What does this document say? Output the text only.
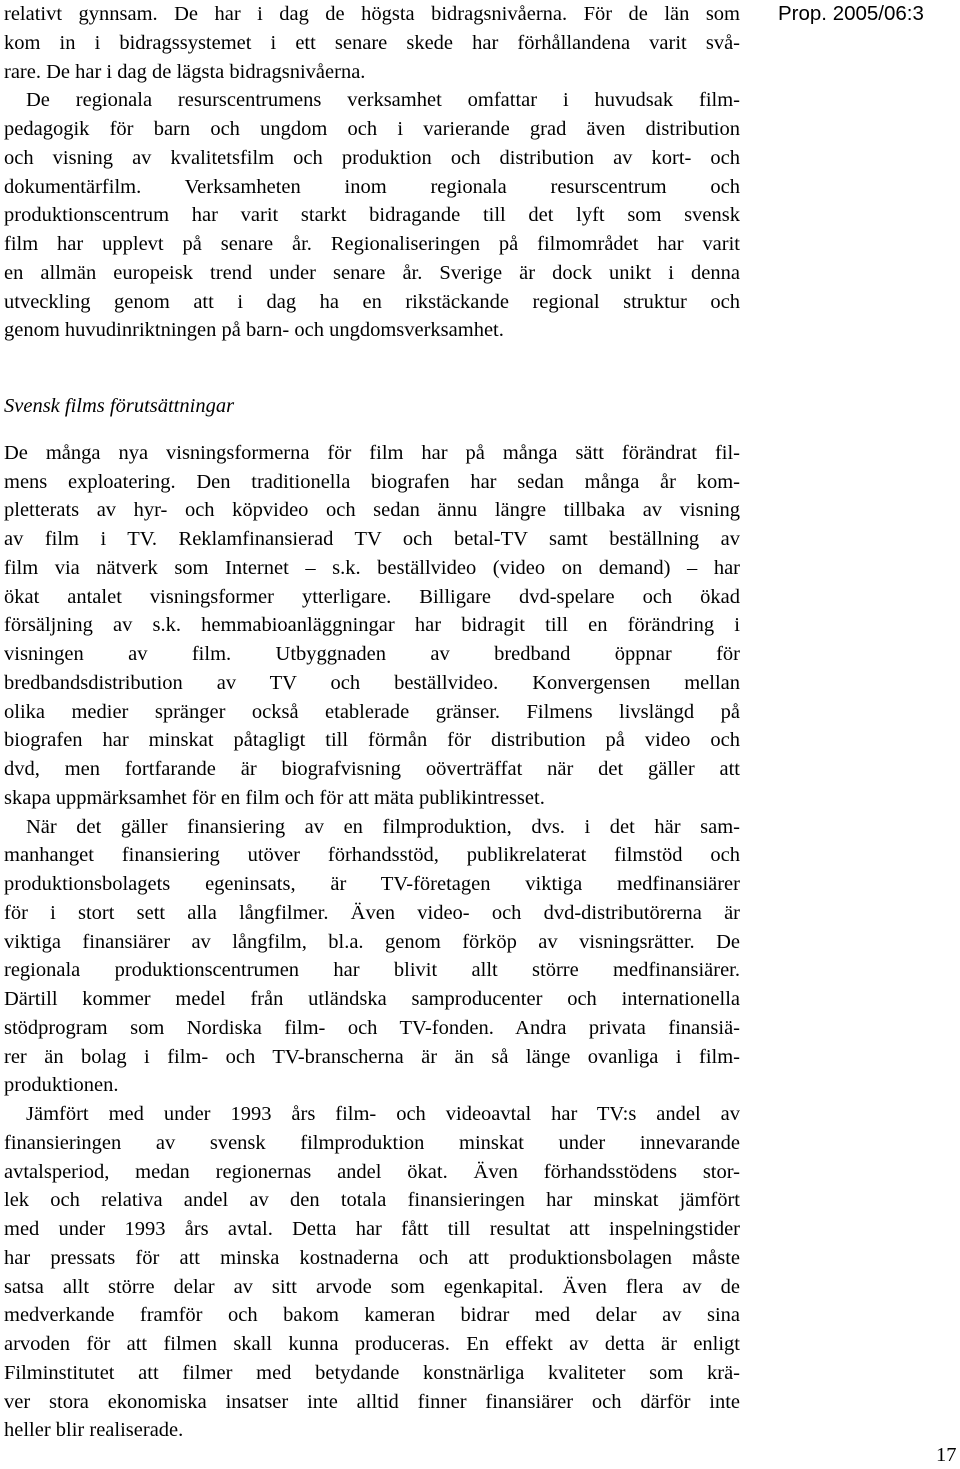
Prop. 2005/06:3
relativt gynnsam. De har i dag de högsta bidragsnivåerna. För de län som
kom in i bidragssystemet i ett senare skede har förhållandena varit svå-
rare. De har i dag de lägsta bidragsnivåerna.
De regionala resurscentrumens verksamhet omfattar i huvudsak film-
pedagogik för barn och ungdom och i varierande grad även distribution
och visning av kvalitetsfilm och produktion och distribution av kort- och
dokumentärfilm. Verksamheten inom regionala resurscentrum och
produktionscentrum har varit starkt bidragande till det lyft som svensk
film har upplevt på senare år. Regionaliseringen på filmområdet har varit
en allmän europeisk trend under senare år. Sverige är dock unikt i denna
utveckling genom att i dag ha en rikstäckande regional struktur och
genom huvudinriktningen på barn- och ungdomsverksamhet.
Svensk films förutsättningar
De många nya visningsformerna för film har på många sätt förändrat fil-
mens exploatering. Den traditionella biografen har sedan många år kom-
pletterats av hyr- och köpvideo och sedan ännu längre tillbaka av visning
av film i TV. Reklamfinansierad TV och betal-TV samt beställning av
film via nätverk som Internet – s.k. beställvideo (video on demand) – har
ökat antalet visningsformer ytterligare. Billigare dvd-spelare och ökad
försäljning av s.k. hemmabioanläggningar har bidragit till en förändring i
visningen av film. Utbyggnaden av bredband öppnar för
bredbandsdistribution av TV och beställvideo. Konvergensen mellan
olika medier spränger också etablerade gränser. Filmens livslängd på
biografen har minskat påtagligt till förmån för distribution på video och
dvd, men fortfarande är biografvisning oöverträffat när det gäller att
skapa uppmärksamhet för en film och för att mäta publikintresset.
När det gäller finansiering av en filmproduktion, dvs. i det här sam-
manhanget finansiering utöver förhandsstöd, publikrelaterat filmstöd och
produktionsbolagets egeninsats, är TV-företagen viktiga medfinansiärer
för i stort sett alla långfilmer. Även video- och dvd-distributörerna är
viktiga finansiärer av långfilm, bl.a. genom förköp av visningsrätter. De
regionala produktionscentrumen har blivit allt större medfinansiärer.
Därtill kommer medel från utländska samproducenter och internationella
stödprogram som Nordiska film- och TV-fonden. Andra privata finansiä-
rer än bolag i film- och TV-branscherna är än så länge ovanliga i film-
produktionen.
Jämfört med under 1993 års film- och videoavtal har TV:s andel av
finansieringen av svensk filmproduktion minskat under innevarande
avtalsperiod, medan regionernas andel ökat. Även förhandsstödens stor-
lek och relativa andel av den totala finansieringen har minskat jämfört
med under 1993 års avtal. Detta har fått till resultat att inspelningstider
har pressats för att minska kostnaderna och att produktionsbolagen måste
satsa allt större delar av sitt arvode som egenkapital. Även flera av de
medverkande framför och bakom kameran bidrar med delar av sina
arvoden för att filmen skall kunna produceras. En effekt av detta är enligt
Filminstitutet att filmer med betydande konstnärliga kvaliteter som krä-
ver stora ekonomiska insatser inte alltid finner finansiärer och därför inte
heller blir realiserade.
17
